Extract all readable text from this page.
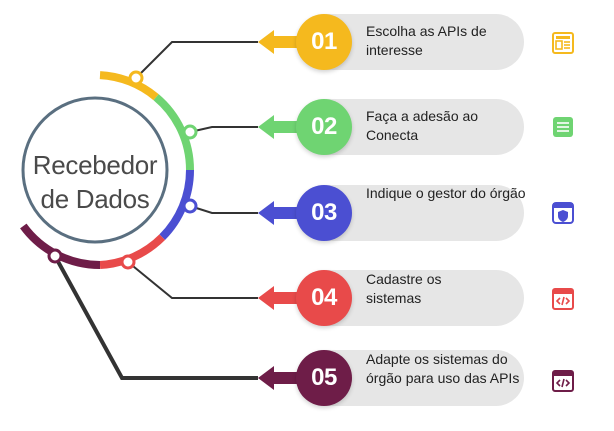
Recebedor
de Dados
01 Escolha as APIs de interesse
02 Faça a adesão ao Conecta
03
Indique o gestor do órgão
04
Cadastre os sistemas
05
Adapte os sistemas do órgão para uso das APIs
